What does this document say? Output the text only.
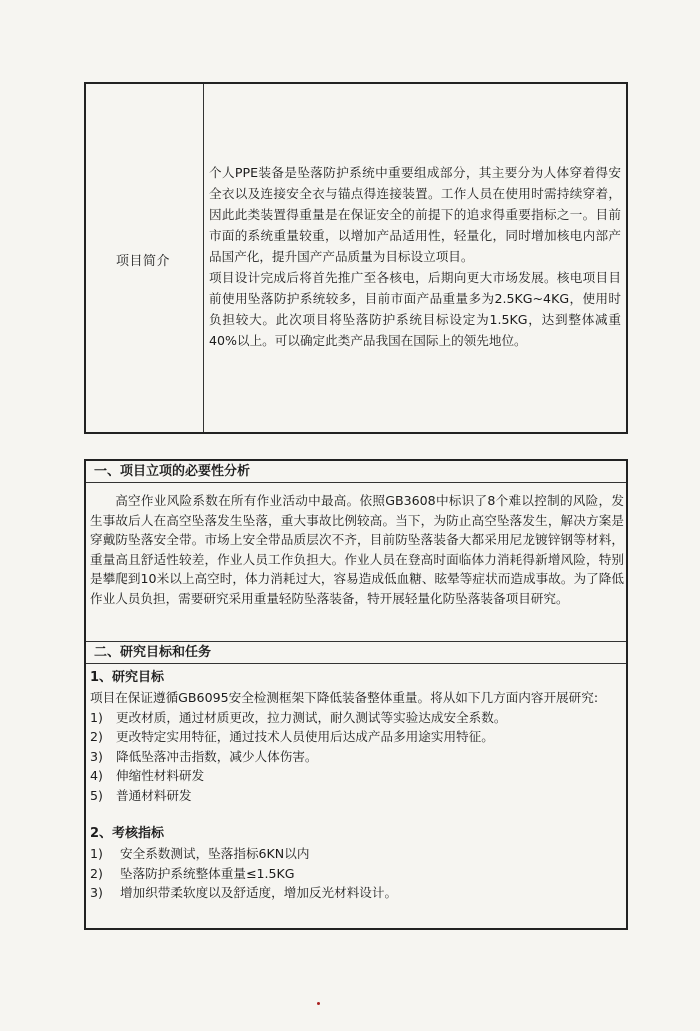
项目简介

个人PPE装备是坠落防护系统中重要组成部分，其主要分为人体穿着得安全衣以及连接安全衣与锚点得连接装置。工作人员在使用时需持续穿着，因此此类装置得重量是在保证安全的前提下的追求得重要指标之一。目前市面的系统重量较重，以增加产品适用性，轻量化，同时增加核电内部产品国产化，提升国产产品质量为目标设立项目。

项目设计完成后将首先推广至各核电，后期向更大市场发展。核电项目目前使用坠落防护系统较多，目前市面产品重量多为2.5KG~4KG，使用时负担较大。此次项目将坠落防护系统目标设定为1.5KG，达到整体减重40%以上。可以确定此类产品我国在国际上的领先地位。

一、项目立项的必要性分析

高空作业风险系数在所有作业活动中最高。依照GB3608中标识了8个难以控制的风险，发生事故后人在高空坠落发生坠落，重大事故比例较高。当下，为防止高空坠落发生，解决方案是穿戴防坠落安全带。市场上安全带品质层次不齐，目前防坠落装备大都采用尼龙镀锌钢等材料，重量高且舒适性较差，作业人员工作负担大。作业人员在登高时面临体力消耗得新增风险，特别是攀爬到10米以上高空时，体力消耗过大，容易造成低血糖、眩晕等症状而造成事故。为了降低作业人员负担，需要研究采用重量轻防坠落装备，特开展轻量化防坠落装备项目研究。

二、研究目标和任务

1、研究目标

项目在保证遵循GB6095安全检测框架下降低装备整体重量。将从如下几方面内容开展研究:

1)	更改材质，通过材质更改，拉力测试，耐久测试等实验达成安全系数。
2)	更改特定实用特征，通过技术人员使用后达成产品多用途实用特征。
3)	降低坠落冲击指数，减少人体伤害。
4)	伸缩性材料研发
5)	普通材料研发

2、考核指标

1)	安全系数测试，坠落指标6KN以内
2)	坠落防护系统整体重量≤1.5KG
3)	增加织带柔软度以及舒适度，增加反光材料设计。
